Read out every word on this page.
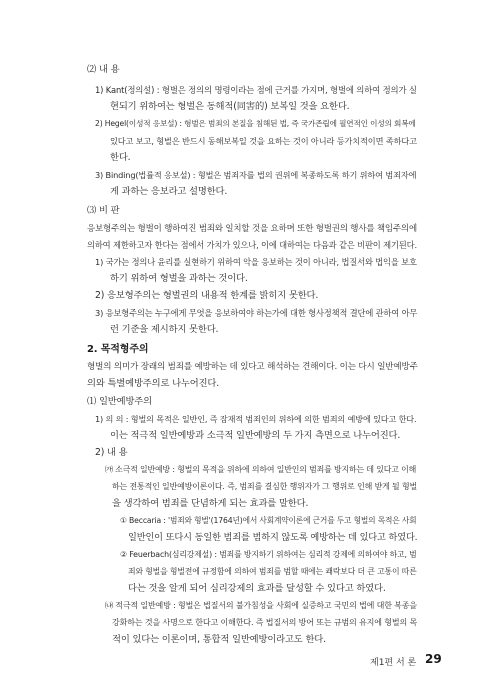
제1편 서 론 29
⑵ 내 용
1) Kant(정의설) : 형벌은 정의의 명령이라는 점에 근거를 가지며, 형벌에 의하여 정의가 실
현되기 위하여는 형벌은 동해적(同害的) 보복일 것을 요한다.
2) Hegel(이성적 응보설) : 형벌은 범죄의 본질을 침해된 법, 즉 국가존립에 필연적인 이성의 회복에
있다고 보고, 형벌은 반드시 동해보복일 것을 요하는 것이 아니라 등가치적이면 족하다고
한다.
3) Binding(법률적 응보설) : 형벌은 범죄자를 법의 권위에 복종하도록 하기 위하여 범죄자에
게 과하는 응보라고 설명한다.
⑶ 비 판
응보형주의는 형벌이 행하여진 범죄와 일치할 것을 요하며 또한 형벌권의 행사를 책임주의에
의하여 제한하고자 한다는 점에서 가치가 있으나, 이에 대하여는 다음과 같은 비판이 제기된다.
1) 국가는 정의나 윤리를 실현하기 위하여 악을 응보하는 것이 아니라, 법질서와 법익을 보호
하기 위하여 형벌을 과하는 것이다.
2) 응보형주의는 형벌권의 내용적 한계를 밝히지 못한다.
3) 응보형주의는 누구에게 무엇을 응보하여야 하는가에 대한 형사정책적 결단에 관하여 아무
런 기준을 제시하지 못한다.
2. 목적형주의
형벌의 의미가 장래의 범죄를 예방하는 데 있다고 해석하는 견해이다. 이는 다시 일반예방주
의와 특별예방주의로 나누어진다.
⑴ 일반예방주의
1) 의 의 : 형벌의 목적은 일반인, 즉 잠재적 범죄인의 위하에 의한 범죄의 예방에 있다고 한다.
이는 적극적 일반예방과 소극적 일반예방의 두 가지 측면으로 나누어진다.
2) 내 용
㈎ 소극적 일반예방 : 형벌의 목적을 위하에 의하여 일반인의 범죄를 방지하는 데 있다고 이해
하는 전통적인 일반예방이론이다. 즉, 범죄를 결심한 행위자가 그 행위로 인해 받게 될 형벌
을 생각하여 범죄를 단념하게 되는 효과를 말한다.
① Beccaria : '범죄와 형벌'(1764년)에서 사회계약이론에 근거를 두고 형벌의 목적은 사회
일반인이 또다시 동일한 범죄를 범하지 않도록 예방하는 데 있다고 하였다.
② Feuerbach(심리강제설) : 범죄를 방지하기 위하여는 심리적 강제에 의하여야 하고, 범
죄와 형벌을 형벌전에 규정함에 의하여 범죄를 범할 때에는 쾌락보다 더 큰 고통이 따른
다는 것을 알게 되어 심리강제의 효과를 달성할 수 있다고 하였다.
㈏ 적극적 일반예방 : 형벌은 법질서의 불가침성을 사회에 실증하고 국민의 법에 대한 복종을
강화하는 것을 사명으로 한다고 이해한다. 즉 법질서의 방어 또는 규범의 유지에 형벌의 목
적이 있다는 이론이며, 통합적 일반예방이라고도 한다.
